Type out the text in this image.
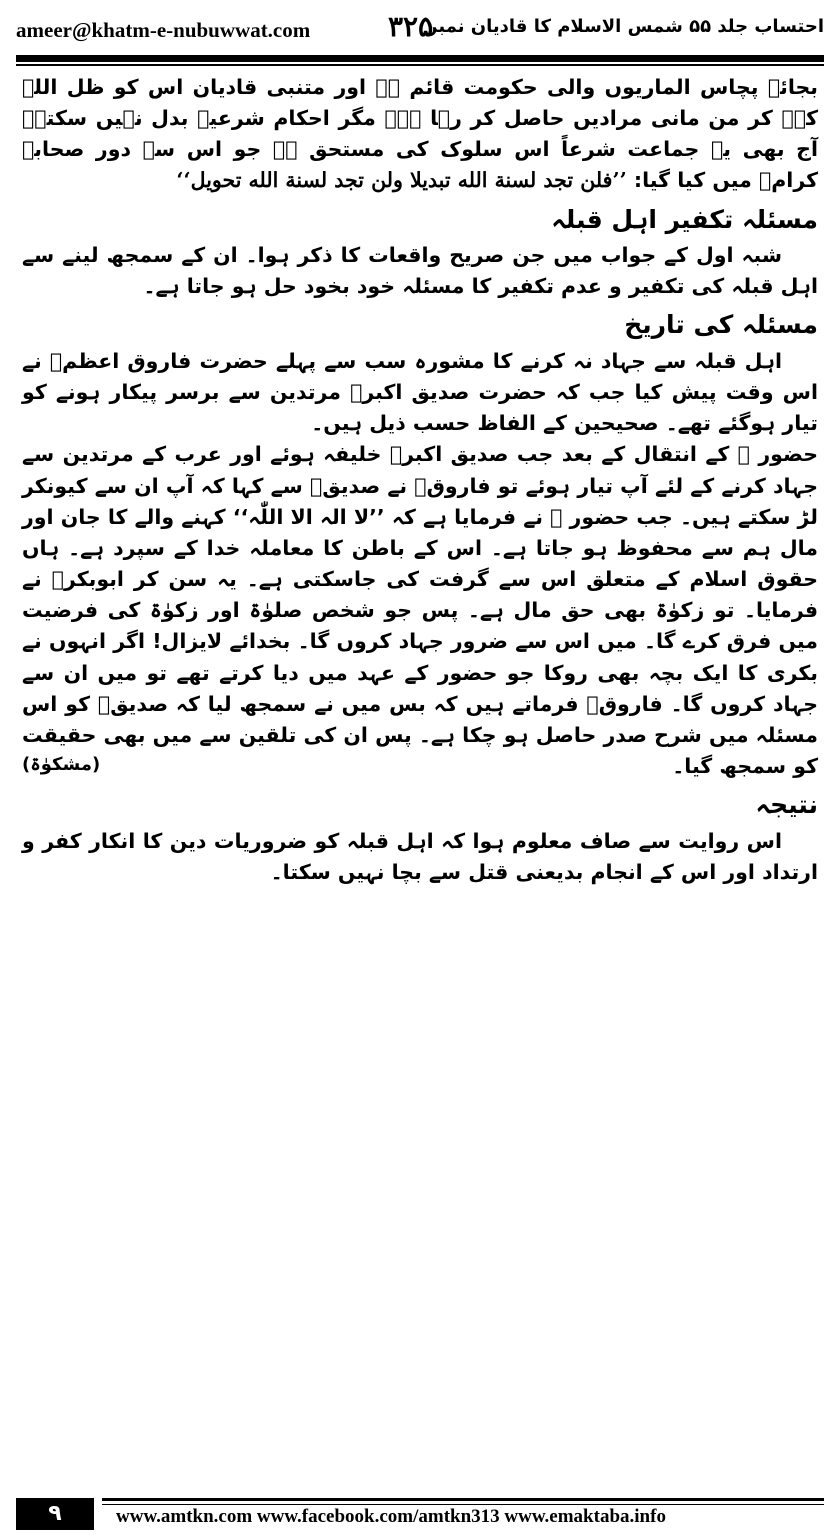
ameer@khatm-e-nubuwwat.com	۳۲۵
احتساب جلد ۵۵ شمس الاسلام کا قادیان نمبر

بجائے پچاس الماریوں والی حکومت قائم ہے اور متنبی قادیان اس کو ظل اللہ کہہ کر من مانی مرادیں حاصل کر رہا ہے۔ مگر احکام شرعیہ بدل نہیں سکتے۔ آج بھی یہ جماعت شرعاً اس سلوک کی مستحق ہے جو اس سے دور صحابہ کرامؓ میں کیا گیا: ’’فلن تجد لسنة الله تبديلا ولن تجد لسنة الله تحويل‘‘

مسئلہ تکفیر اہل قبلہ

شبہ اول کے جواب میں جن صریح واقعات کا ذکر ہوا۔ ان کے سمجھ لینے سے اہل قبلہ کی تکفیر و عدم تکفیر کا مسئلہ خود بخود حل ہو جاتا ہے۔

مسئلہ کی تاریخ

اہل قبلہ سے جہاد نہ کرنے کا مشورہ سب سے پہلے حضرت فاروق اعظمؓ نے اس وقت پیش کیا جب کہ حضرت صدیق اکبرؓ مرتدین سے برسر پیکار ہونے کو تیار ہوگئے تھے۔ صحیحین کے الفاظ حسب ذیل ہیں۔

حضور ﷺ کے انتقال کے بعد جب صدیق اکبرؓ خلیفہ ہوئے اور عرب کے مرتدین سے جہاد کرنے کے لئے آپ تیار ہوئے تو فاروقؓ نے صدیقؓ سے کہا کہ آپ ان سے کیونکر لڑ سکتے ہیں۔ جب حضور ﷺ نے فرمایا ہے کہ ’’لا الہ الا اللّٰہ‘‘ کہنے والے کا جان اور مال ہم سے محفوظ ہو جاتا ہے۔ اس کے باطن کا معاملہ خدا کے سپرد ہے۔ ہاں حقوق اسلام کے متعلق اس سے گرفت کی جاسکتی ہے۔ یہ سن کر ابوبکرؓ نے فرمایا۔ تو زکوٰۃ بھی حق مال ہے۔ پس جو شخص صلوٰۃ اور زکوٰۃ کی فرضیت میں فرق کرے گا۔ میں اس سے ضرور جہاد کروں گا۔ بخدائے لایزال! اگر انہوں نے بکری کا ایک بچہ بھی روکا جو حضور کے عہد میں دیا کرتے تھے تو میں ان سے جہاد کروں گا۔ فاروقؓ فرماتے ہیں کہ بس میں نے سمجھ لیا کہ صدیقؓ کو اس مسئلہ میں شرح صدر حاصل ہو چکا ہے۔ پس ان کی تلقین سے میں بھی حقیقت کو سمجھ گیا۔
(مشکوٰۃ)

نتیجہ

اس روایت سے صاف معلوم ہوا کہ اہل قبلہ کو ضروریات دین کا انکار کفر و ارتداد اور اس کے انجام بدیعنی قتل سے بچا نہیں سکتا۔

۹	www.amtkn.com www.facebook.com/amtkn313 www.emaktaba.info
